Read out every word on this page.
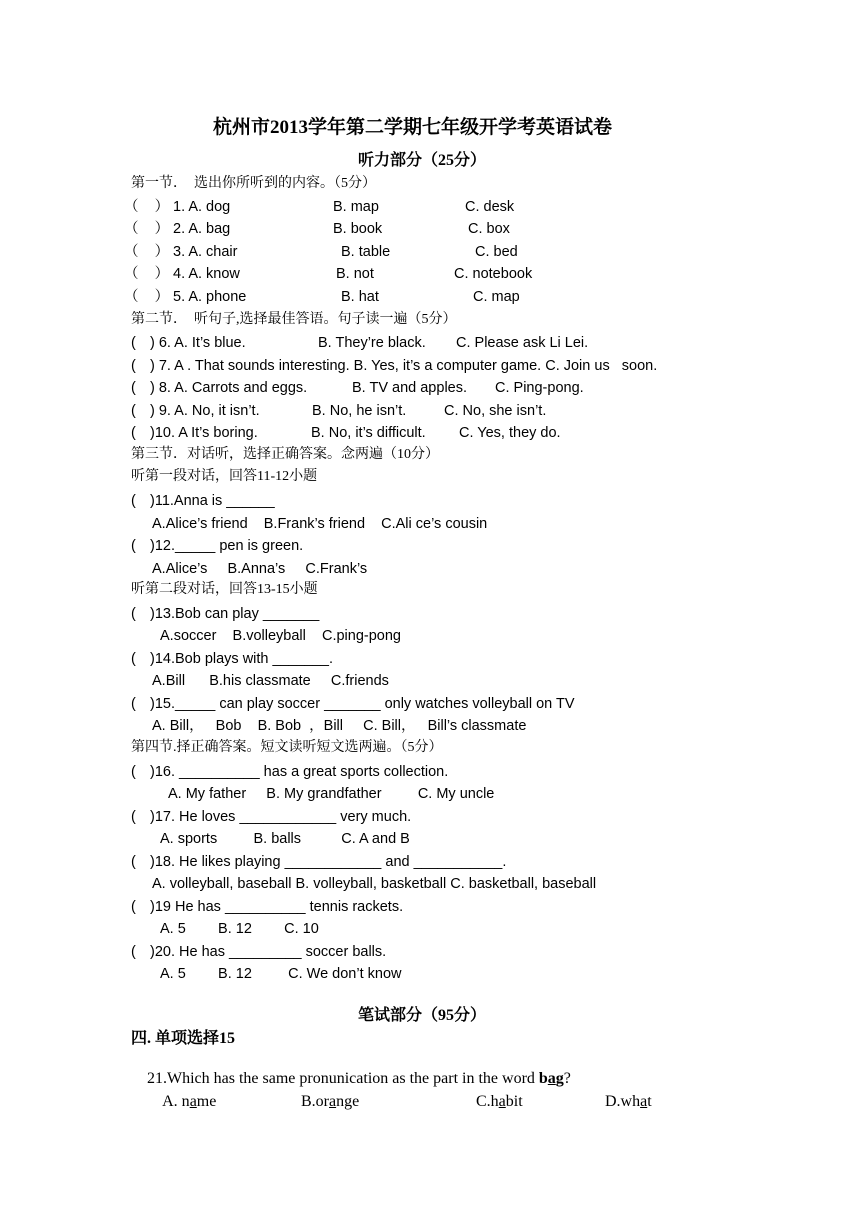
杭州市2013学年第二学期七年级开学考英语试卷
听力部分（25分）
第一节．  选出你所听到的内容。（5分）
（    ） 1. A. dog	B. map	C. desk
（    ） 2. A. bag	B. book	C. box
（    ） 3. A. chair	B. table	C. bed
（    ） 4. A. know	B. not	C. notebook
（    ） 5. A. phone	B. hat	C. map
第二节．  听句子,选择最佳答语。句子读一遍（5分）
( ) 6. A. It’s blue.	B. They’re black. C. Please ask Li Lei.
( ) 7. A . That sounds interesting. B. Yes, it’s a computer game. C. Join us   soon.
( ) 8. A. Carrots and eggs.	B. TV and apples. C. Ping-pong.
( ) 9. A. No, it isn’t.	B. No, he isn’t.	C. No, she isn’t.
( )10. A It’s boring.	B. No, it’s difficult. C. Yes, they do.
第三节．对话听，选择正确答案。念两遍（10分）
听第一段对话，回答11-12小题
( )11.Anna is ______
A.Alice’s friend    B.Frank’s friend    C.Ali ce’s cousin
( )12._____ pen is green.
A.Alice’s     B.Anna’s     C.Frank’s
听第二段对话，回答13-15小题
( )13.Bob can play _______
A.soccer    B.volleyball    C.ping-pong
( )14.Bob plays with _______.
A.Bill      B.his classmate     C.friends
( )15._____ can play soccer _______ only watches volleyball on TV
A. Bill，   Bob    B. Bob  ，Bill     C. Bill，   Bill’s classmate
第四节.择正确答案。短文读听短文选两遍。（5分）
( )16. __________ has a great sports collection.
A. My father     B. My grandfather         C. My uncle
( )17. He loves ____________ very much.
A. sports         B. balls          C. A and B
( )18. He likes playing ____________ and ___________.
A. volleyball, baseball B. volleyball, basketball C. basketball, baseball
( )19 He has __________ tennis rackets.
A. 5        B. 12        C. 10
( )20. He has _________ soccer balls.
A. 5        B. 12         C. We don’t know
笔试部分（95分）
四. 单项选择15

21.Which has the same pronunication as the part in the word bag?

A. name
	B.orange
	C.habit
	D.what
